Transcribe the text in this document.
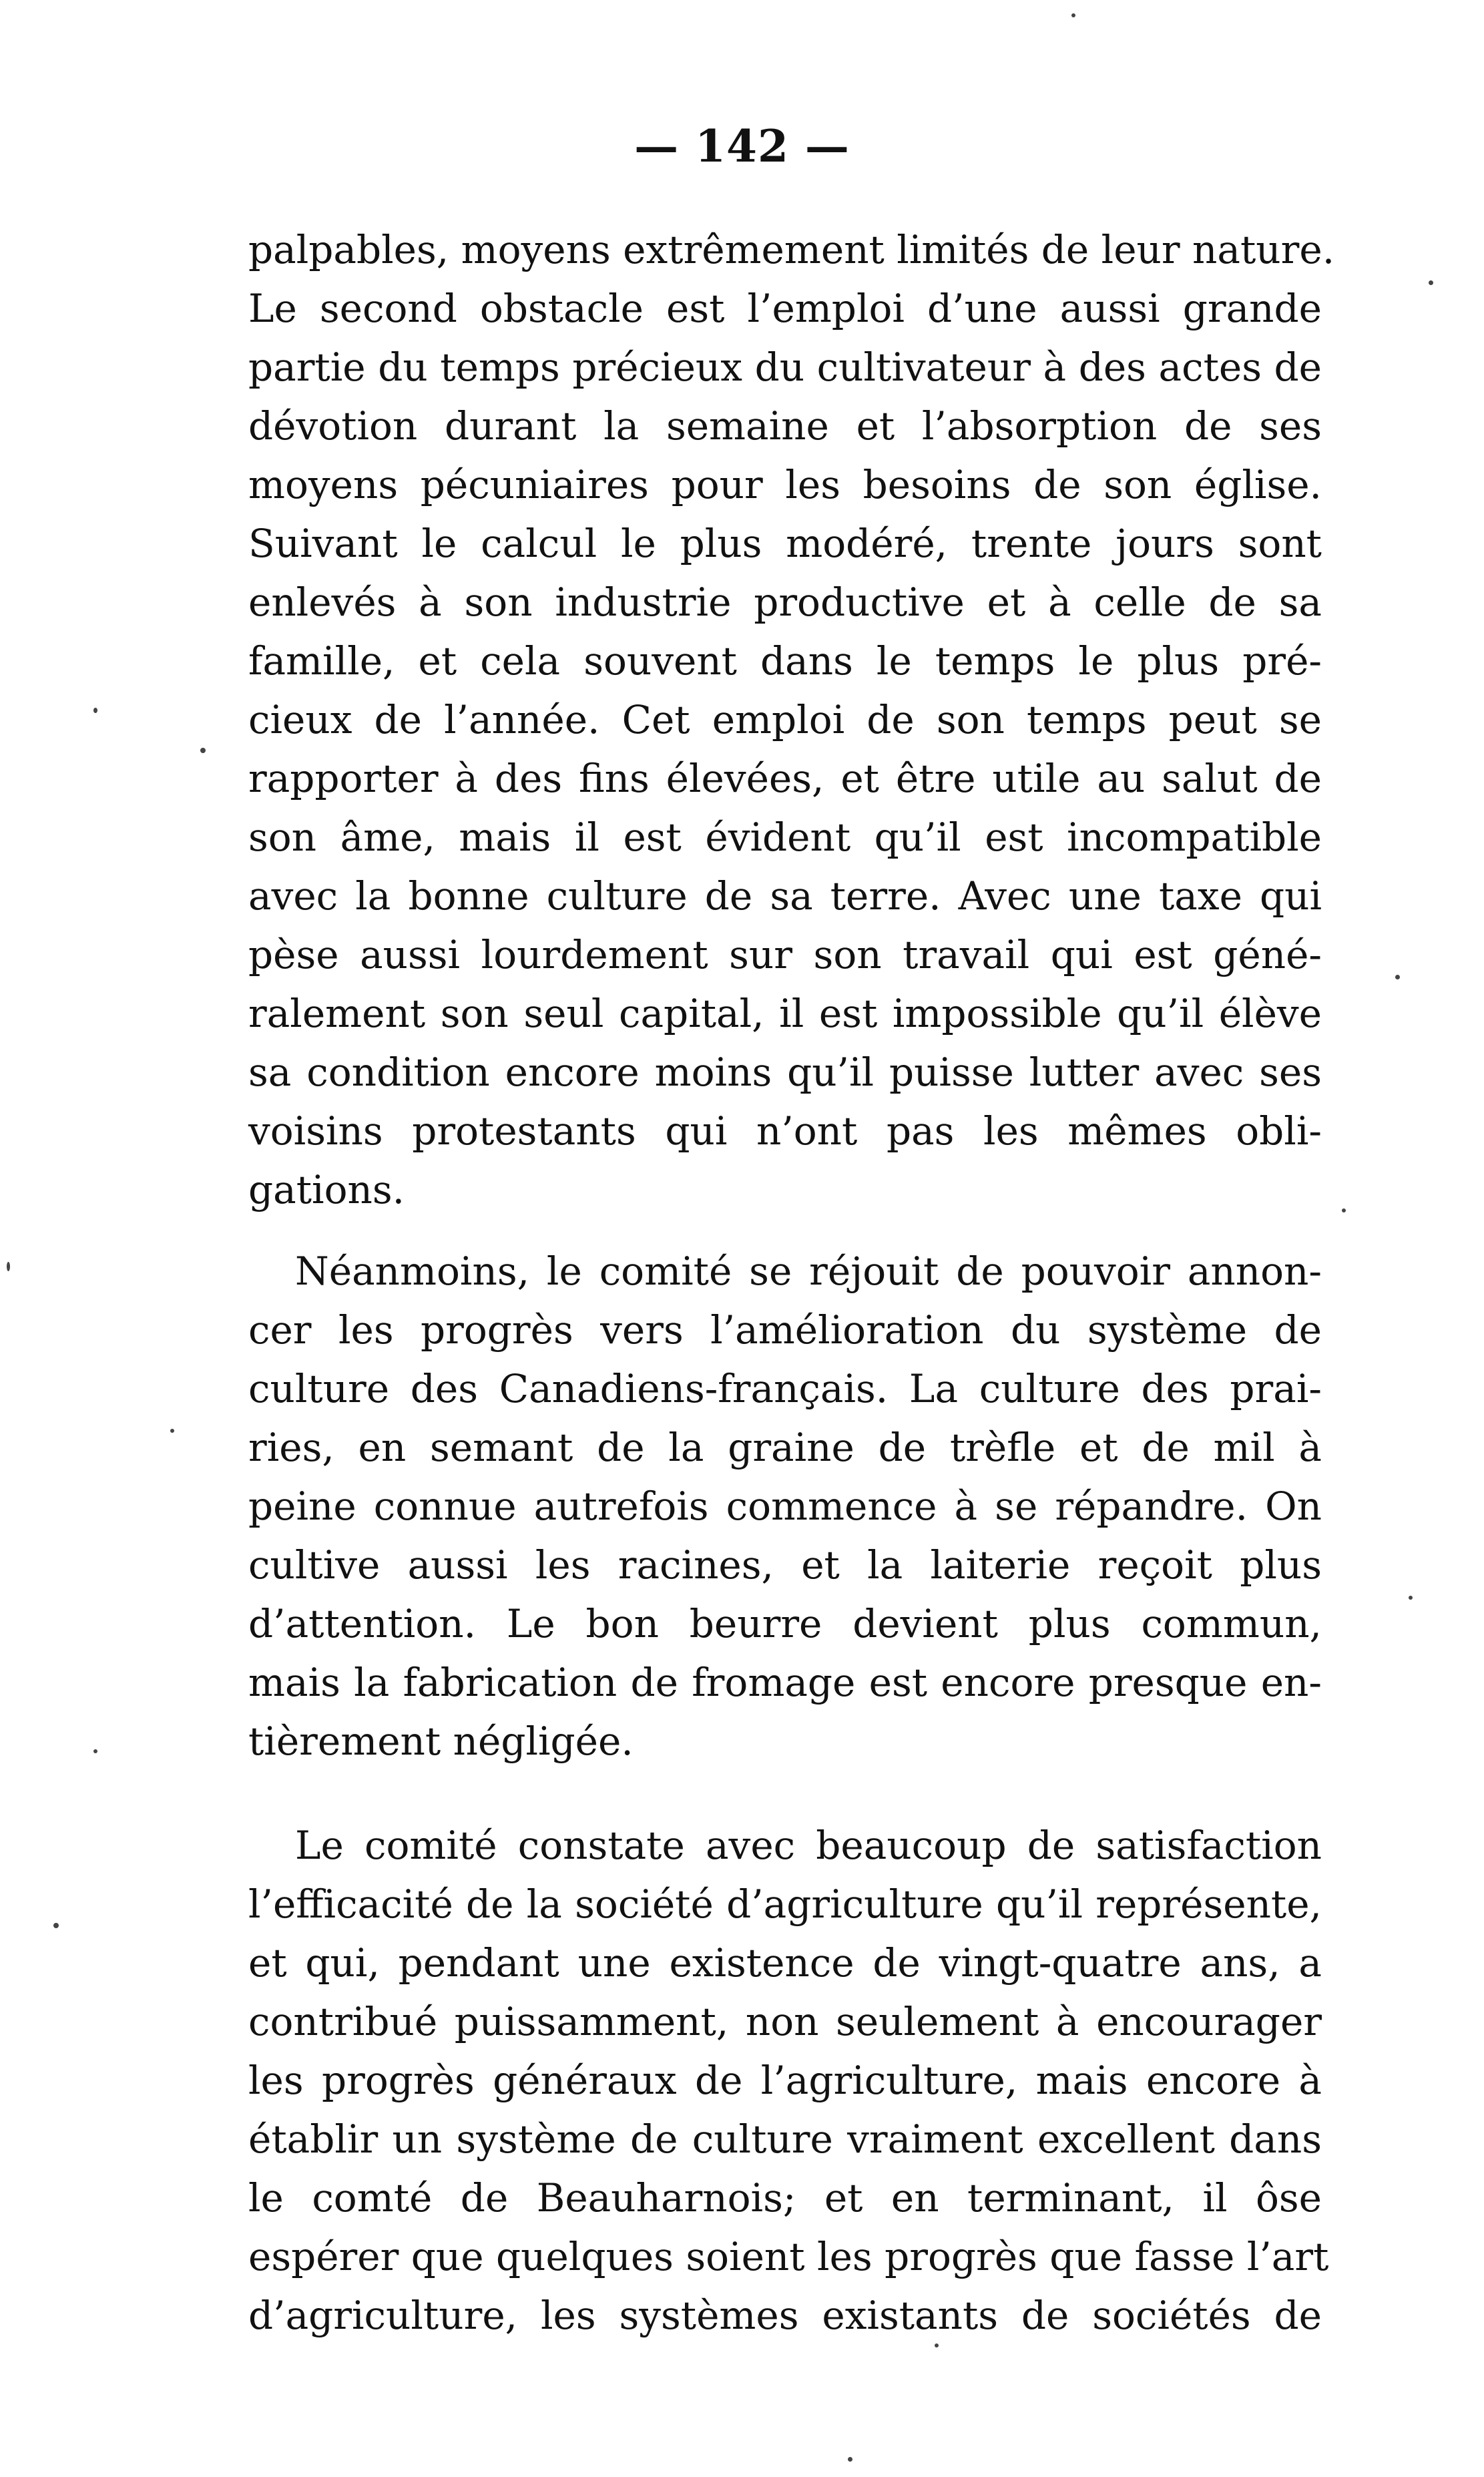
— 142 —
palpables, moyens extrêmement limités de leur nature.
Le second obstacle est l’emploi d’une aussi grande
partie du temps précieux du cultivateur à des actes de
dévotion durant la semaine et l’absorption de ses
moyens pécuniaires pour les besoins de son église.
Suivant le calcul le plus modéré, trente jours sont
enlevés à son industrie productive et à celle de sa
famille, et cela souvent dans le temps le plus pré-
cieux de l’année. Cet emploi de son temps peut se
rapporter à des fins élevées, et être utile au salut de
son âme, mais il est évident qu’il est incompatible
avec la bonne culture de sa terre. Avec une taxe qui
pèse aussi lourdement sur son travail qui est géné-
ralement son seul capital, il est impossible qu’il élève
sa condition encore moins qu’il puisse lutter avec ses
voisins protestants qui n’ont pas les mêmes obli-
gations.
Néanmoins, le comité se réjouit de pouvoir annon-
cer les progrès vers l’amélioration du système de
culture des Canadiens-français. La culture des prai-
ries, en semant de la graine de trèfle et de mil à
peine connue autrefois commence à se répandre. On
cultive aussi les racines, et la laiterie reçoit plus
d’attention. Le bon beurre devient plus commun,
mais la fabrication de fromage est encore presque en-
tièrement négligée.
Le comité constate avec beaucoup de satisfaction
l’efficacité de la société d’agriculture qu’il représente,
et qui, pendant une existence de vingt-quatre ans, a
contribué puissamment, non seulement à encourager
les progrès généraux de l’agriculture, mais encore à
établir un système de culture vraiment excellent dans
le comté de Beauharnois; et en terminant, il ôse
espérer que quelques soient les progrès que fasse l’art
d’agriculture, les systèmes existants de sociétés de
